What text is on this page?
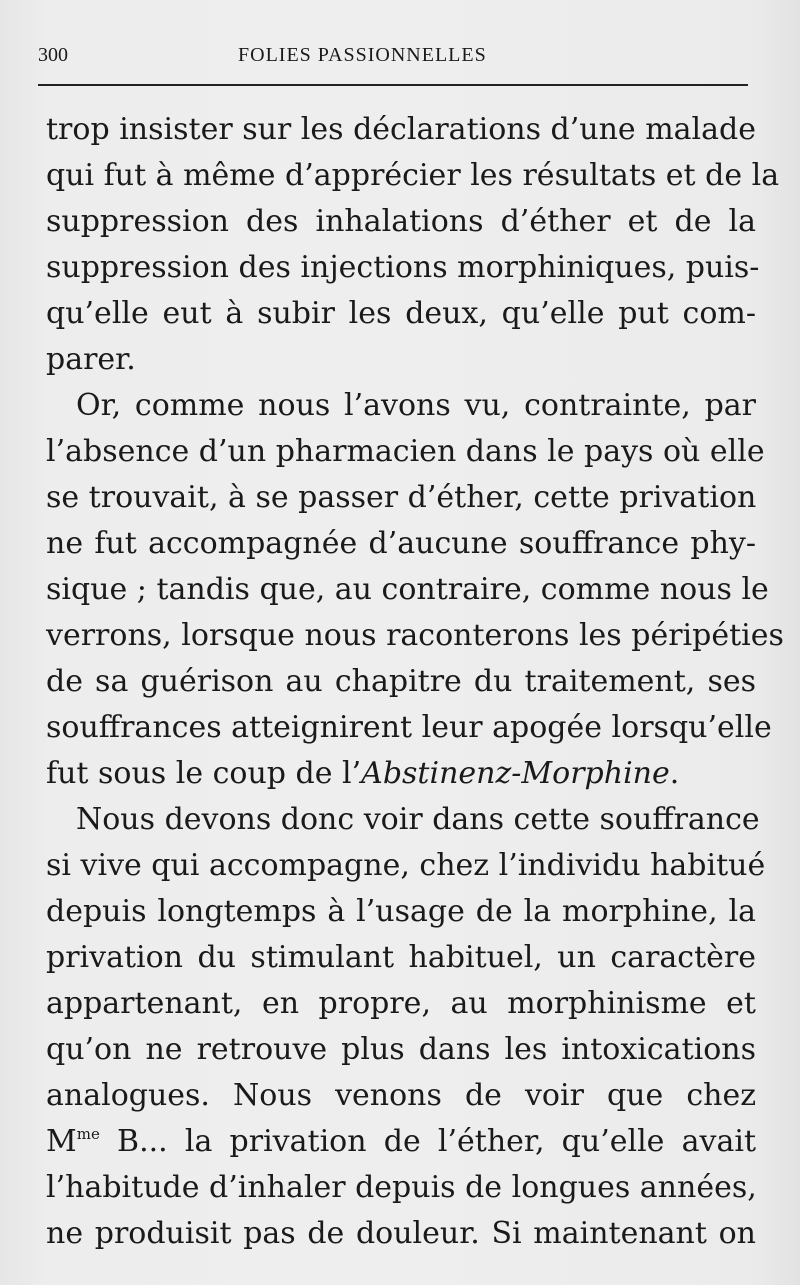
300	FOLIES PASSIONNELLES
trop insister sur les déclarations d’une malade
qui fut à même d’apprécier les résultats et de la
suppression des inhalations d’éther et de la
suppression des injections morphiniques, puis-
qu’elle eut à subir les deux, qu’elle put com-
parer.
Or, comme nous l’avons vu, contrainte, par
l’absence d’un pharmacien dans le pays où elle
se trouvait, à se passer d’éther, cette privation
ne fut accompagnée d’aucune souffrance phy-
sique ; tandis que, au contraire, comme nous le
verrons, lorsque nous raconterons les péripéties
de sa guérison au chapitre du traitement, ses
souffrances atteignirent leur apogée lorsqu’elle
fut sous le coup de l’Abstinenz-Morphine.
Nous devons donc voir dans cette souffrance
si vive qui accompagne, chez l’individu habitué
depuis longtemps à l’usage de la morphine, la
privation du stimulant habituel, un caractère
appartenant, en propre, au morphinisme et
qu’on ne retrouve plus dans les intoxications
analogues. Nous venons de voir que chez
$M^{me}$ B... la privation de l’éther, qu’elle avait
l’habitude d’inhaler depuis de longues années,
ne produisit pas de douleur. Si maintenant on
